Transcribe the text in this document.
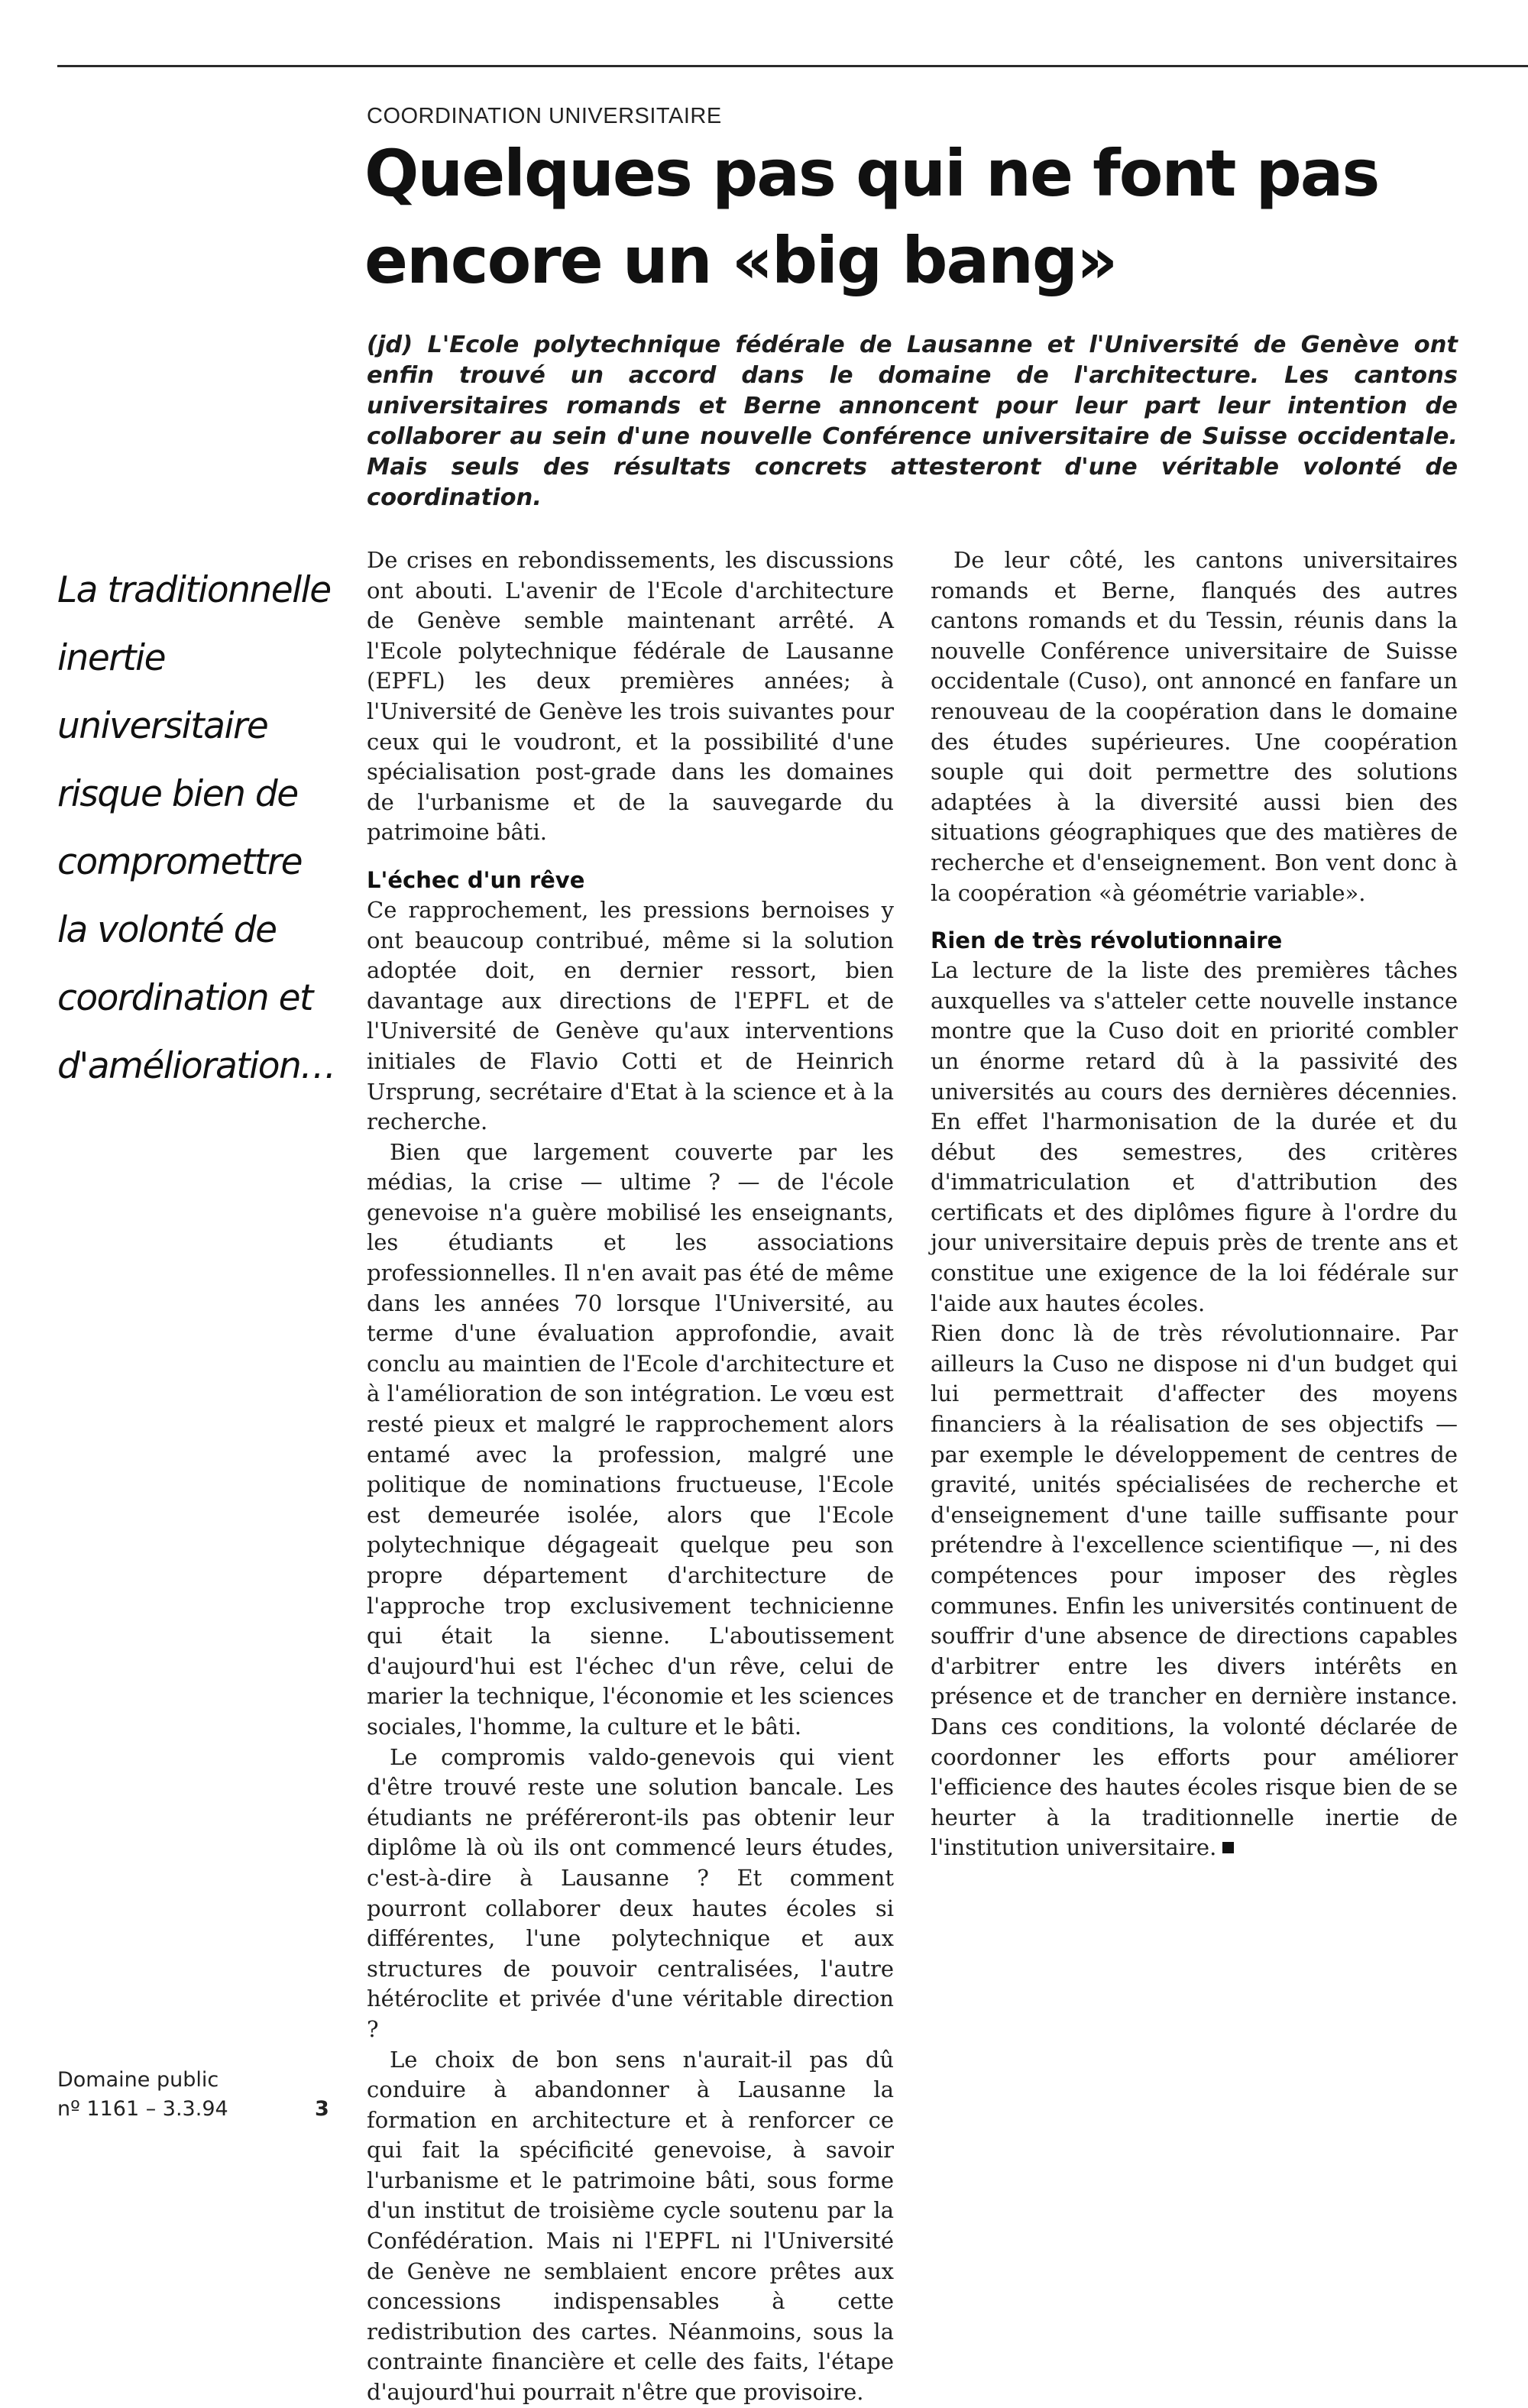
COORDINATION UNIVERSITAIRE
Quelques pas qui ne font pas
encore un «big bang»

(jd) L'Ecole polytechnique fédérale de Lausanne et l'Université de Genève ont enfin trouvé un accord dans le domaine de l'architecture. Les cantons universitaires romands et Berne annoncent pour leur part leur intention de collaborer au sein d'une nouvelle Conférence universitaire de Suisse occidentale. Mais seuls des résultats concrets attesteront d'une véritable volonté de coordination.

La traditionnelle inertie universitaire risque bien de compromettre la volonté de coordination et d'amélioration…

De crises en rebondissements, les discussions ont abouti. L'avenir de l'Ecole d'architecture de Genève semble maintenant arrêté. A l'Ecole polytechnique fédérale de Lausanne (EPFL) les deux premières années; à l'Université de Genève les trois suivantes pour ceux qui le voudront, et la possibilité d'une spécialisation post-grade dans les domaines de l'urbanisme et de la sauvegarde du patrimoine bâti.

L'échec d'un rêve

Ce rapprochement, les pressions bernoises y ont beaucoup contribué, même si la solution adoptée doit, en dernier ressort, bien davantage aux directions de l'EPFL et de l'Université de Genève qu'aux interventions initiales de Flavio Cotti et de Heinrich Ursprung, secrétaire d'Etat à la science et à la recherche.

Bien que largement couverte par les médias, la crise — ultime ? — de l'école genevoise n'a guère mobilisé les enseignants, les étudiants et les associations professionnelles. Il n'en avait pas été de même dans les années 70 lorsque l'Université, au terme d'une évaluation approfondie, avait conclu au maintien de l'Ecole d'architecture et à l'amélioration de son intégration. Le vœu est resté pieux et malgré le rapprochement alors entamé avec la profession, malgré une politique de nominations fructueuse, l'Ecole est demeurée isolée, alors que l'Ecole polytechnique dégageait quelque peu son propre département d'architecture de l'approche trop exclusivement technicienne qui était la sienne. L'aboutissement d'aujourd'hui est l'échec d'un rêve, celui de marier la technique, l'économie et les sciences sociales, l'homme, la culture et le bâti.

Le compromis valdo-genevois qui vient d'être trouvé reste une solution bancale. Les étudiants ne préféreront-ils pas obtenir leur diplôme là où ils ont commencé leurs études, c'est-à-dire à Lausanne ? Et comment pourront collaborer deux hautes écoles si différentes, l'une polytechnique et aux structures de pouvoir centralisées, l'autre hétéroclite et privée d'une véritable direction ?

Le choix de bon sens n'aurait-il pas dû conduire à abandonner à Lausanne la formation en architecture et à renforcer ce qui fait la spécificité genevoise, à savoir l'urbanisme et le patrimoine bâti, sous forme d'un institut de troisième cycle soutenu par la Confédération. Mais ni l'EPFL ni l'Université de Genève ne semblaient encore prêtes aux concessions indispensables à cette redistribution des cartes. Néanmoins, sous la contrainte financière et celle des faits, l'étape d'aujourd'hui pourrait n'être que provisoire.

De leur côté, les cantons universitaires romands et Berne, flanqués des autres cantons romands et du Tessin, réunis dans la nouvelle Conférence universitaire de Suisse occidentale (Cuso), ont annoncé en fanfare un renouveau de la coopération dans le domaine des études supérieures. Une coopération souple qui doit permettre des solutions adaptées à la diversité aussi bien des situations géographiques que des matières de recherche et d'enseignement. Bon vent donc à la coopération «à géométrie variable».

Rien de très révolutionnaire

La lecture de la liste des premières tâches auxquelles va s'atteler cette nouvelle instance montre que la Cuso doit en priorité combler un énorme retard dû à la passivité des universités au cours des dernières décennies. En effet l'harmonisation de la durée et du début des semestres, des critères d'immatriculation et d'attribution des certificats et des diplômes figure à l'ordre du jour universitaire depuis près de trente ans et constitue une exigence de la loi fédérale sur l'aide aux hautes écoles.

Rien donc là de très révolutionnaire. Par ailleurs la Cuso ne dispose ni d'un budget qui lui permettrait d'affecter des moyens financiers à la réalisation de ses objectifs — par exemple le développement de centres de gravité, unités spécialisées de recherche et d'enseignement d'une taille suffisante pour prétendre à l'excellence scientifique —, ni des compétences pour imposer des règles communes. Enfin les universités continuent de souffrir d'une absence de directions capables d'arbitrer entre les divers intérêts en présence et de trancher en dernière instance. Dans ces conditions, la volonté déclarée de coordonner les efforts pour améliorer l'efficience des hautes écoles risque bien de se heurter à la traditionnelle inertie de l'institution universitaire.

Domaine public
nº 1161 – 3.3.94	3
